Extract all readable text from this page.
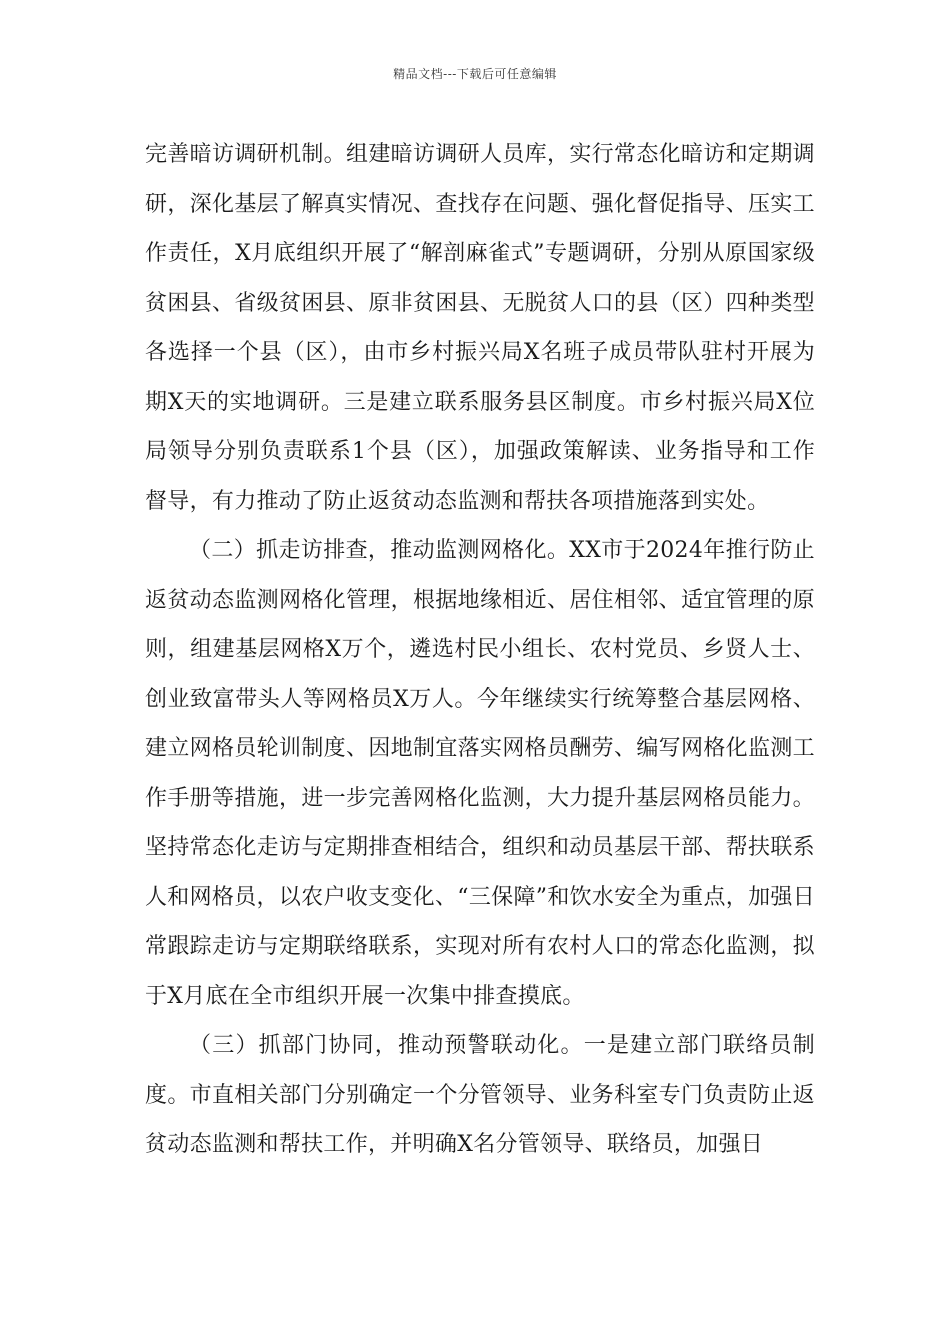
精品文档---下载后可任意编辑

完善暗访调研机制。组建暗访调研人员库，实行常态化暗访和定期调研，深化基层了解真实情况、查找存在问题、强化督促指导、压实工作责任，X月底组织开展了“解剖麻雀式”专题调研，分别从原国家级贫困县、省级贫困县、原非贫困县、无脱贫人口的县（区）四种类型各选择一个县（区），由市乡村振兴局X名班子成员带队驻村开展为期X天的实地调研。三是建立联系服务县区制度。市乡村振兴局X位局领导分别负责联系1个县（区），加强政策解读、业务指导和工作督导，有力推动了防止返贫动态监测和帮扶各项措施落到实处。

（二）抓走访排查，推动监测网格化。XX市于2024年推行防止返贫动态监测网格化管理，根据地缘相近、居住相邻、适宜管理的原则，组建基层网格X万个，遴选村民小组长、农村党员、乡贤人士、创业致富带头人等网格员X万人。今年继续实行统筹整合基层网格、建立网格员轮训制度、因地制宜落实网格员酬劳、编写网格化监测工作手册等措施，进一步完善网格化监测，大力提升基层网格员能力。坚持常态化走访与定期排查相结合，组织和动员基层干部、帮扶联系人和网格员，以农户收支变化、“三保障”和饮水安全为重点，加强日常跟踪走访与定期联络联系，实现对所有农村人口的常态化监测，拟于X月底在全市组织开展一次集中排查摸底。

（三）抓部门协同，推动预警联动化。一是建立部门联络员制度。市直相关部门分别确定一个分管领导、业务科室专门负责防止返贫动态监测和帮扶工作，并明确X名分管领导、联络员，加强日
